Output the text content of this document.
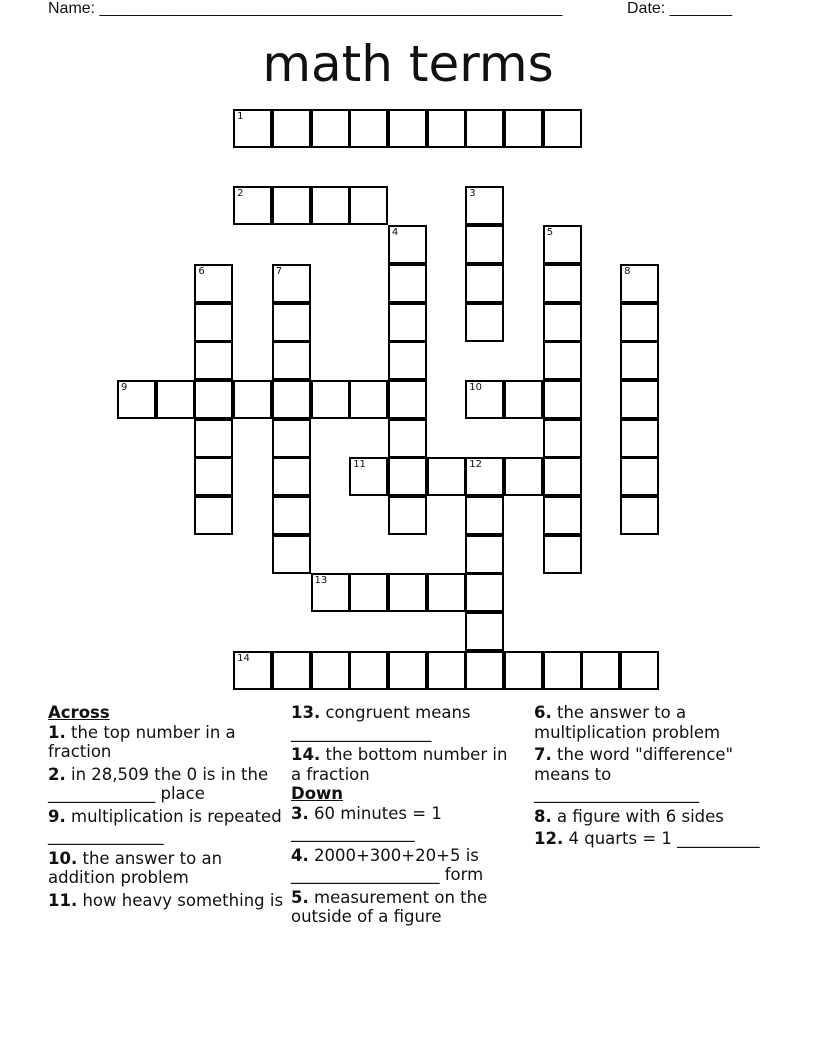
Name: ____________________________________________________	Date: _______
math terms
1
2	3
4	5
6	7	8
9	10
11	12
13
14
Across
1. the top number in a fraction
2. in 28,509 the 0 is in the _____________ place
9. multiplication is repeated ______________
10. the answer to an addition problem
11. how heavy something is
13. congruent means _________________
14. the bottom number in a fraction
Down
3. 60 minutes = 1 _______________
4. 2000+300+20+5 is __________________ form
5. measurement on the outside of a figure
6. the answer to a multiplication problem
7. the word "difference" means to ____________________
8. a figure with 6 sides
12. 4 quarts = 1 __________
